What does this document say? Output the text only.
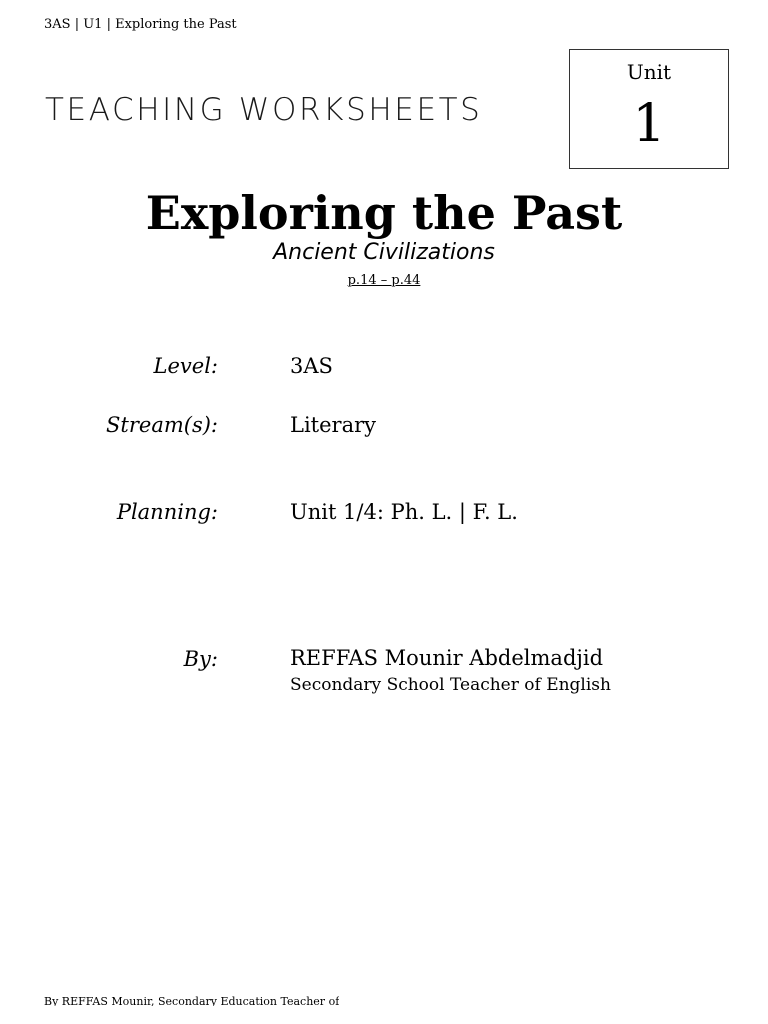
3AS | U1 | Exploring the Past
TEACHING WORKSHEETS
Unit
1
Exploring the Past
Ancient Civilizations
p.14 – p.44
Level:	3AS
Stream(s):	Literary
Planning:	Unit 1/4: Ph. L. | F. L.
By:	REFFAS Mounir Abdelmadjid
Secondary School Teacher of English
By REFFAS Mounir, Secondary Education Teacher of
